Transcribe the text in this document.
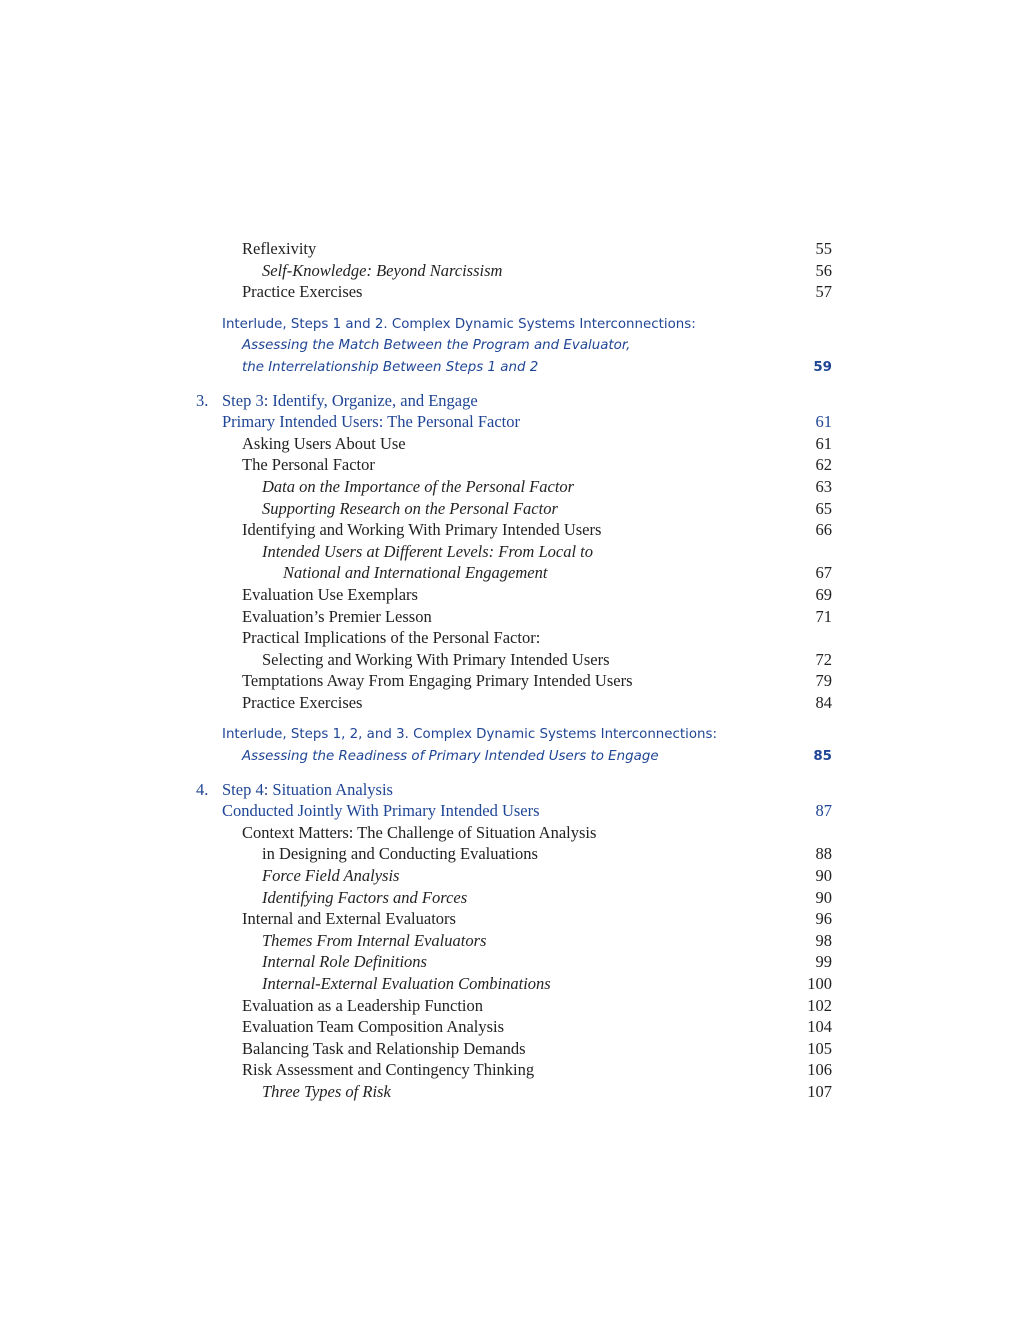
Reflexivity	55
Self-Knowledge: Beyond Narcissism	56
Practice Exercises	57
Interlude, Steps 1 and 2. Complex Dynamic Systems Interconnections:
Assessing the Match Between the Program and Evaluator,
the Interrelationship Between Steps 1 and 2	59
3. Step 3: Identify, Organize, and Engage
Primary Intended Users: The Personal Factor	61
Asking Users About Use	61
The Personal Factor	62
Data on the Importance of the Personal Factor	63
Supporting Research on the Personal Factor	65
Identifying and Working With Primary Intended Users	66
Intended Users at Different Levels: From Local to
National and International Engagement	67
Evaluation Use Exemplars	69
Evaluation’s Premier Lesson	71
Practical Implications of the Personal Factor:
Selecting and Working With Primary Intended Users	72
Temptations Away From Engaging Primary Intended Users	79
Practice Exercises	84
Interlude, Steps 1, 2, and 3. Complex Dynamic Systems Interconnections:
Assessing the Readiness of Primary Intended Users to Engage	85
4. Step 4: Situation Analysis
Conducted Jointly With Primary Intended Users	87
Context Matters: The Challenge of Situation Analysis
in Designing and Conducting Evaluations	88
Force Field Analysis	90
Identifying Factors and Forces	90
Internal and External Evaluators	96
Themes From Internal Evaluators	98
Internal Role Definitions	99
Internal-External Evaluation Combinations	100
Evaluation as a Leadership Function	102
Evaluation Team Composition Analysis	104
Balancing Task and Relationship Demands	105
Risk Assessment and Contingency Thinking	106
Three Types of Risk	107
